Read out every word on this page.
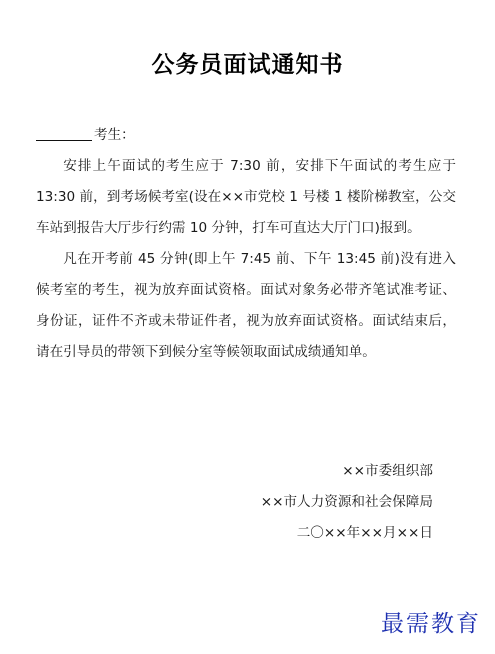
公务员面试通知书
考生：

安排上午面试的考生应于 7:30 前，安排下午面试的考生应于 13:30 前，到考场候考室(设在××市党校 1 号楼 1 楼阶梯教室，公交车站到报告大厅步行约需 10 分钟，打车可直达大厅门口)报到。

凡在开考前 45 分钟(即上午 7:45 前、下午 13:45 前)没有进入候考室的考生，视为放弃面试资格。面试对象务必带齐笔试准考证、身份证，证件不齐或未带证件者，视为放弃面试资格。面试结束后，请在引导员的带领下到候分室等候领取面试成绩通知单。

××市委组织部
××市人力资源和社会保障局
二〇××年××月××日
最需教育
